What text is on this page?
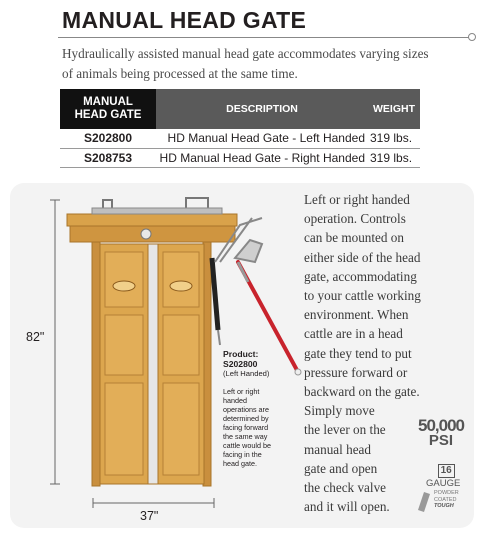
MANUAL HEAD GATE
Hydraulically assisted manual head gate accommodates varying sizes of animals being processed at the same time.
MANUAL
HEAD GATE	DESCRIPTION	WEIGHT
S202800	HD Manual Head Gate - Left Handed	319 lbs.
S208753	HD Manual Head Gate - Right Handed	319 lbs.
82"
37"
Product:
S202800
(Left Handed)
Left or right
handed
operations are
determined by
facing forward
the same way
cattle would be
facing in the
head gate.
Left or right handed
operation. Controls
can be mounted on
either side of the head
gate, accommodating
to your cattle working
environment. When
cattle are in a head
gate they tend to put
pressure forward or
backward on the gate.
Simply move
the lever on the
manual head
gate and open
the check valve
and it will open.
50,000
PSI
16
GAUGE
POWDER
COATED
TOUGH
